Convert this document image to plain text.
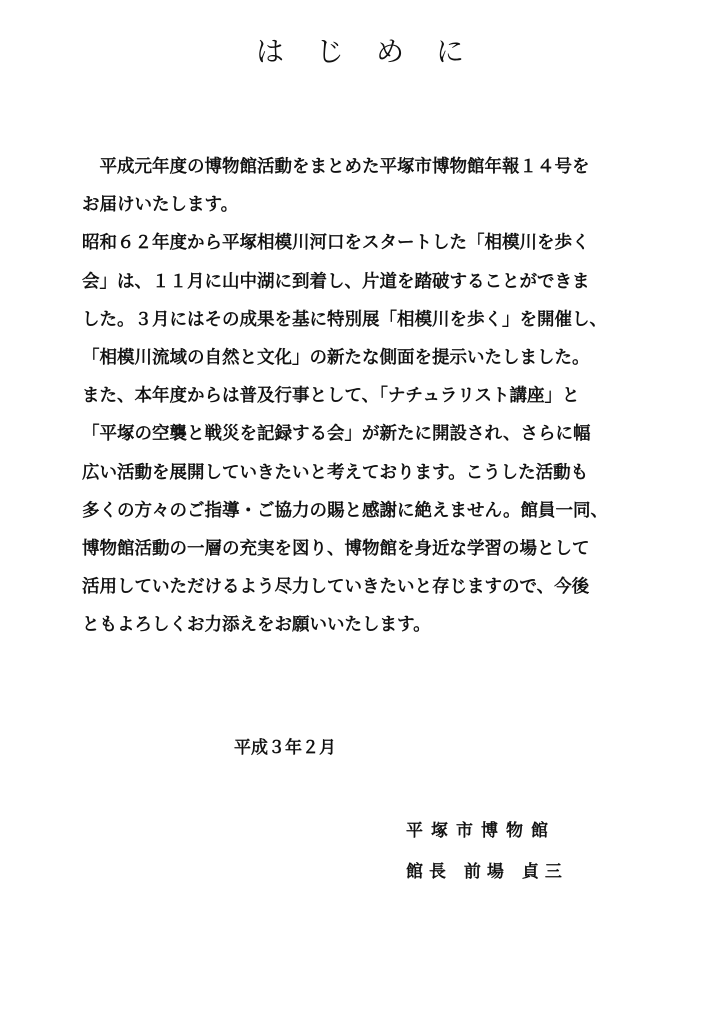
はじめに
　平成元年度の博物館活動をまとめた平塚市博物館年報１４号を
お届けいたします。
昭和６２年度から平塚相模川河口をスタートした「相模川を歩く
会」は、１１月に山中湖に到着し、片道を踏破することができま
した。３月にはその成果を基に特別展「相模川を歩く」を開催し、
「相模川流域の自然と文化」の新たな側面を提示いたしました。
また、本年度からは普及行事として、「ナチュラリスト講座」と
「平塚の空襲と戦災を記録する会」が新たに開設され、さらに幅
広い活動を展開していきたいと考えております。こうした活動も
多くの方々のご指導・ご協力の賜と感謝に絶えません。館員一同、
博物館活動の一層の充実を図り、博物館を身近な学習の場として
活用していただけるよう尽力していきたいと存じますので、今後
ともよろしくお力添えをお願いいたします。
平成３年２月
平塚市博物館
館長 前場 貞三
